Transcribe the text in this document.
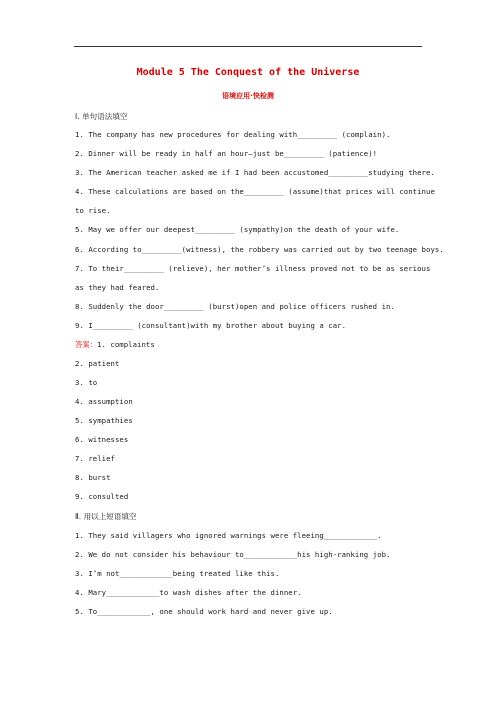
Module 5 The Conquest of the Universe
语境应用·快检测
Ⅰ. 单句语法填空
1. The company has new procedures for dealing with_________ (complain).
2. Dinner will be ready in half an hour—just be_________ (patience)!
3. The American teacher asked me if I had been accustomed_________studying there.
4. These calculations are based on the_________ (assume)that prices will continue
to rise.
5. May we offer our deepest_________ (sympathy)on the death of your wife.
6. According to_________(witness), the robbery was carried out by two teenage boys.
7. To their_________ (relieve), her mother’s illness proved not to be as serious
as they had feared.
8. Suddenly the door_________ (burst)open and police officers rushed in.
9. I_________ (consultant)with my brother about buying a car.
答案：1. complaints
2. patient
3. to
4. assumption
5. sympathies
6. witnesses
7. relief
8. burst
9. consulted
Ⅱ. 用以上短语填空
1. They said villagers who ignored warnings were fleeing____________.
2. We do not consider his behaviour to____________his high-ranking job.
3. I’m not____________being treated like this.
4. Mary____________to wash dishes after the dinner.
5. To____________, one should work hard and never give up.
